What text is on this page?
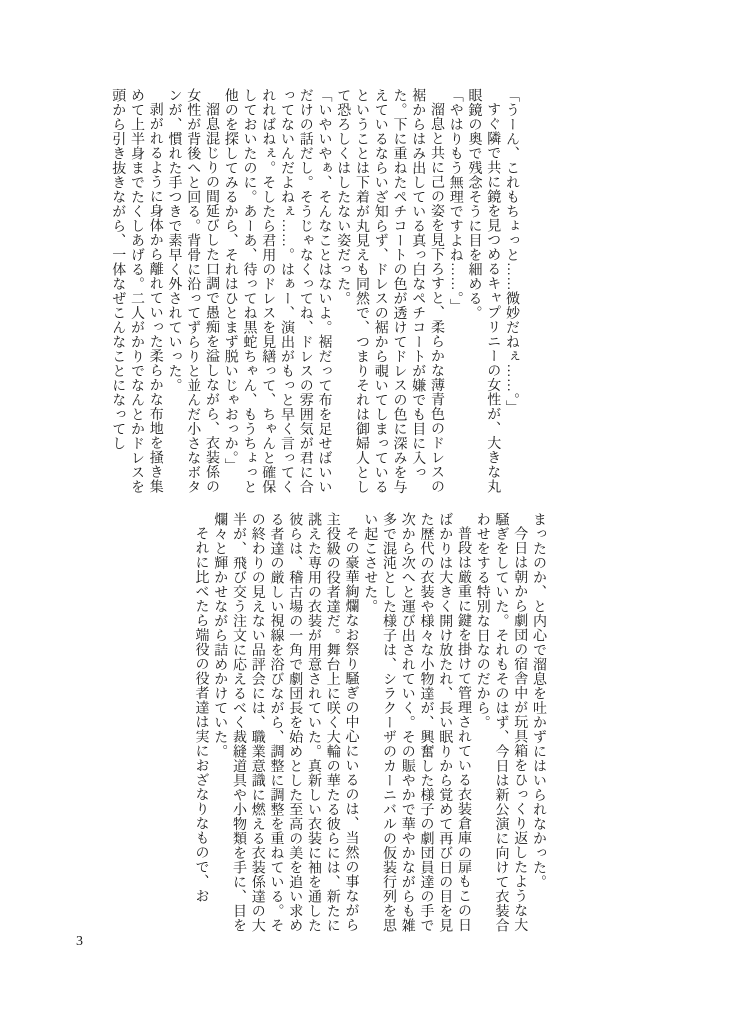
「うーん、これもちょっと……微妙だねぇ……。」

すぐ隣で共に鏡を見つめるキャプリニーの女性が、大きな丸眼鏡の奥で残念そうに目を細める。

「やはりもう無理ですよね……。」

溜息と共に己の姿を見下ろすと、柔らかな薄青色のドレスの裾からはみ出している真っ白なペチコートが嫌でも目に入った。下に重ねたペチコートの色が透けてドレスの色に深みを与えているならいざ知らず、ドレスの裾から覗いてしまっているということは下着が丸見えも同然で、つまりそれは御婦人として恐ろしくはしたない姿だった。

「いやいやぁ、そんなことはないよ。裾だって布を足せばいいだけの話だし。そうじゃなくってね、ドレスの雰囲気が君に合ってないんだよねぇ……。はぁー、演出がもっと早く言ってくれればねぇ。そしたら君用のドレスを見繕って、ちゃんと確保しておいたのに。あーあ、待ってね黒蛇ちゃん、もうちょっと他のを探してみるから、それはひとまず脱いじゃおっか。」

溜息混じりの間延びした口調で愚痴を溢しながら、衣装係の女性が背後へと回る。背骨に沿ってずらりと並んだ小さなボタンが、慣れた手つきで素早く外されていった。

剥がれるように身体から離れていった柔らかな布地を掻き集めて上半身までたくしあげる。二人がかりでなんとかドレスを頭から引き抜きながら、一体なぜこんなことになってし

まったのか、と内心で溜息を吐かずにはいられなかった。

今日は朝から劇団の宿舎中が玩具箱をひっくり返したような大騒ぎをしていた。それもそのはず、今日は新公演に向けて衣装合わせをする特別な日なのだから。

普段は厳重に鍵を掛けて管理されている衣装倉庫の扉もこの日ばかりは大きく開け放たれ、長い眠りから覚めて再び日の目を見た歴代の衣装や様々な小物達が、興奮した様子の劇団員達の手で次から次へと運び出されていく。その賑やかで華やかながらも雑多で混沌とした様子は、シラクーザのカーニバルの仮装行列を思い起こさせた。

その豪華絢爛なお祭り騒ぎの中心にいるのは、当然の事ながら主役級の役者達だ。舞台上に咲く大輪の華たる彼らには、新たに誂えた専用の衣装が用意されていた。真新しい衣装に袖を通した彼らは、稽古場の一角で劇団長を始めとした至高の美を追い求める者達の厳しい視線を浴びながら、調整に調整を重ねている。その終わりの見えない品評会には、職業意識に燃える衣装係達の大半が、飛び交う注文に応えるべく裁縫道具や小物類を手に、目を爛々と輝かせながら詰めかけていた。

それに比べたら端役の役者達は実におざなりなもので、お

3
